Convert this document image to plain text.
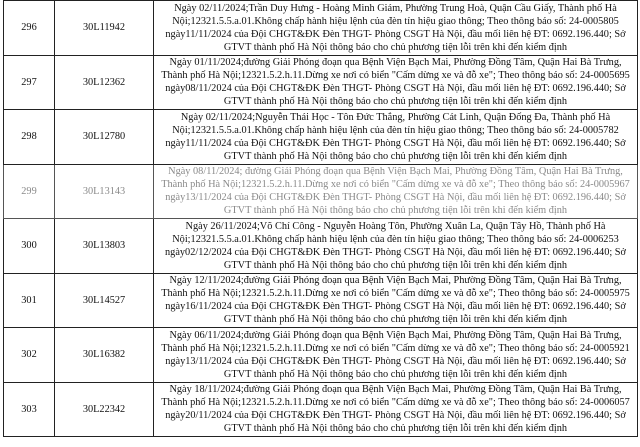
296	30L11942	Ngày 02/11/2024;Trần Duy Hưng - Hoàng Minh Giám, Phường Trung Hoà, Quận Cầu Giấy, Thành phố Hà Nội;12321.5.5.a.01.Không chấp hành hiệu lệnh của đèn tín hiệu giao thông; Theo thông báo số: 24-0005805 ngày11/11/2024 của Đội CHGT&ĐK Đèn THGT- Phòng CSGT Hà Nội, đầu mối liên hệ ĐT: 0692.196.440; Sở GTVT thành phố Hà Nội thông báo cho chủ phương tiện lỗi trên khi đến kiểm định
297	30L12362	Ngày 01/11/2024;đường Giải Phóng đoạn qua Bệnh Viện Bạch Mai, Phường Đồng Tâm, Quận Hai Bà Trưng, Thành phố Hà Nội;12321.5.2.h.11.Dừng xe nơi có biển "Cấm dừng xe và đỗ xe"; Theo thông báo số: 24-0005695 ngày08/11/2024 của Đội CHGT&ĐK Đèn THGT- Phòng CSGT Hà Nội, đầu mối liên hệ ĐT: 0692.196.440; Sở GTVT thành phố Hà Nội thông báo cho chủ phương tiện lỗi trên khi đến kiểm định
298	30L12780	Ngày 02/11/2024;Nguyễn Thái Học - Tôn Đức Thắng, Phường Cát Linh, Quận Đống Đa, Thành phố Hà Nội;12321.5.5.a.01.Không chấp hành hiệu lệnh của đèn tín hiệu giao thông; Theo thông báo số: 24-0005782 ngày11/11/2024 của Đội CHGT&ĐK Đèn THGT- Phòng CSGT Hà Nội, đầu mối liên hệ ĐT: 0692.196.440; Sở GTVT thành phố Hà Nội thông báo cho chủ phương tiện lỗi trên khi đến kiểm định
299	30L13143	Ngày 08/11/2024; đường Giải Phóng đoạn qua Bệnh Viện Bạch Mai, Phường Đồng Tâm, Quận Hai Bà Trưng, Thành phố Hà Nội;12321.5.2.h.11.Dừng xe nơi có biển "Cấm dừng xe và đỗ xe"; Theo thông báo số: 24-0005967 ngày13/11/2024 của Đội CHGT&ĐK Đèn THGT- Phòng CSGT Hà Nội, đầu mối liên hệ ĐT: 0692.196.440; Sở GTVT thành phố Hà Nội thông báo cho chủ phương tiện lỗi trên khi đến kiểm định
300	30L13803	Ngày 26/11/2024;Võ Chí Công - Nguyễn Hoàng Tôn, Phường Xuân La, Quận Tây Hồ, Thành phố Hà Nội;12321.5.5.a.01.Không chấp hành hiệu lệnh của đèn tín hiệu giao thông; Theo thông báo số: 24-0006253 ngày02/12/2024 của Đội CHGT&ĐK Đèn THGT- Phòng CSGT Hà Nội, đầu mối liên hệ ĐT: 0692.196.440; Sở GTVT thành phố Hà Nội thông báo cho chủ phương tiện lỗi trên khi đến kiểm định
301	30L14527	Ngày 12/11/2024;đường Giải Phóng đoạn qua Bệnh Viện Bạch Mai, Phường Đồng Tâm, Quận Hai Bà Trưng, Thành phố Hà Nội;12321.5.2.h.11.Dừng xe nơi có biển "Cấm dừng xe và đỗ xe"; Theo thông báo số: 24-0005975 ngày16/11/2024 của Đội CHGT&ĐK Đèn THGT- Phòng CSGT Hà Nội, đầu mối liên hệ ĐT: 0692.196.440; Sở GTVT thành phố Hà Nội thông báo cho chủ phương tiện lỗi trên khi đến kiểm định
302	30L16382	Ngày 06/11/2024;đường Giải Phóng đoạn qua Bệnh Viện Bạch Mai, Phường Đồng Tâm, Quận Hai Bà Trưng, Thành phố Hà Nội;12321.5.2.h.11.Dừng xe nơi có biển "Cấm dừng xe và đỗ xe"; Theo thông báo số: 24-0005921 ngày13/11/2024 của Đội CHGT&ĐK Đèn THGT- Phòng CSGT Hà Nội, đầu mối liên hệ ĐT: 0692.196.440; Sở GTVT thành phố Hà Nội thông báo cho chủ phương tiện lỗi trên khi đến kiểm định
303	30L22342	Ngày 18/11/2024;đường Giải Phóng đoạn qua Bệnh Viện Bạch Mai, Phường Đồng Tâm, Quận Hai Bà Trưng, Thành phố Hà Nội;12321.5.2.h.11.Dừng xe nơi có biển "Cấm dừng xe và đỗ xe"; Theo thông báo số: 24-0006057 ngày20/11/2024 của Đội CHGT&ĐK Đèn THGT- Phòng CSGT Hà Nội, đầu mối liên hệ ĐT: 0692.196.440; Sở GTVT thành phố Hà Nội thông báo cho chủ phương tiện lỗi trên khi đến kiểm định
